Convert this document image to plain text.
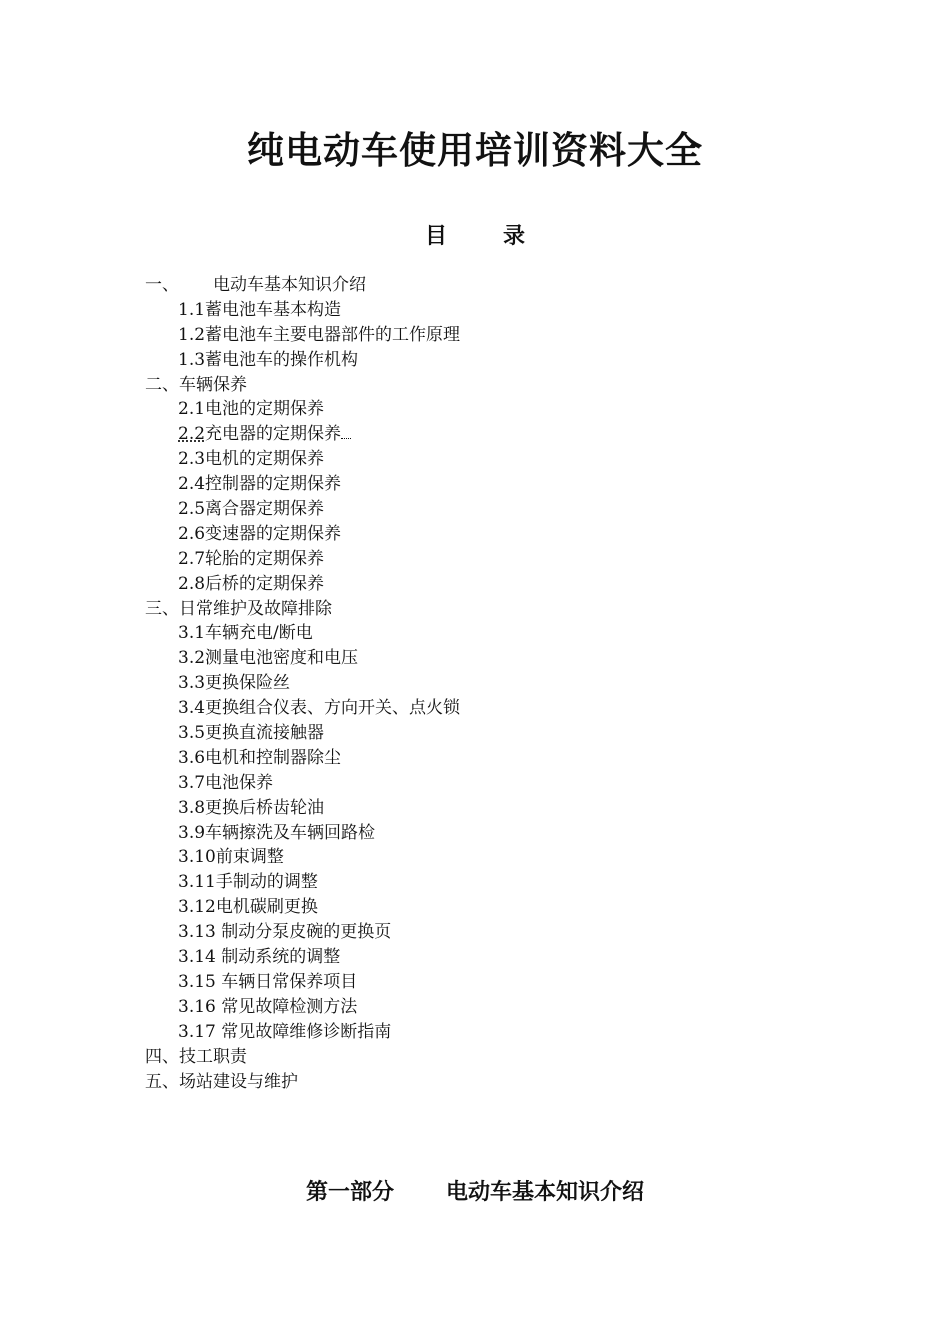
纯电动车使用培训资料大全
目	录
一、 电动车基本知识介绍
1.1蓄电池车基本构造
1.2蓄电池车主要电器部件的工作原理
1.3蓄电池车的操作机构
二、车辆保养
2.1电池的定期保养
2.2充电器的定期保养
2.3电机的定期保养
2.4控制器的定期保养
2.5离合器定期保养
2.6变速器的定期保养
2.7轮胎的定期保养
2.8后桥的定期保养
三、日常维护及故障排除
3.1车辆充电/断电
3.2测量电池密度和电压
3.3更换保险丝
3.4更换组合仪表、方向开关、点火锁
3.5更换直流接触器
3.6电机和控制器除尘
3.7电池保养
3.8更换后桥齿轮油
3.9车辆擦洗及车辆回路检
3.10前束调整
3.11手制动的调整
3.12电机碳刷更换
3.13 制动分泵皮碗的更换页
3.14 制动系统的调整
3.15 车辆日常保养项目
3.16 常见故障检测方法
3.17 常见故障维修诊断指南
四、技工职责
五、场站建设与维护
第一部分 电动车基本知识介绍
